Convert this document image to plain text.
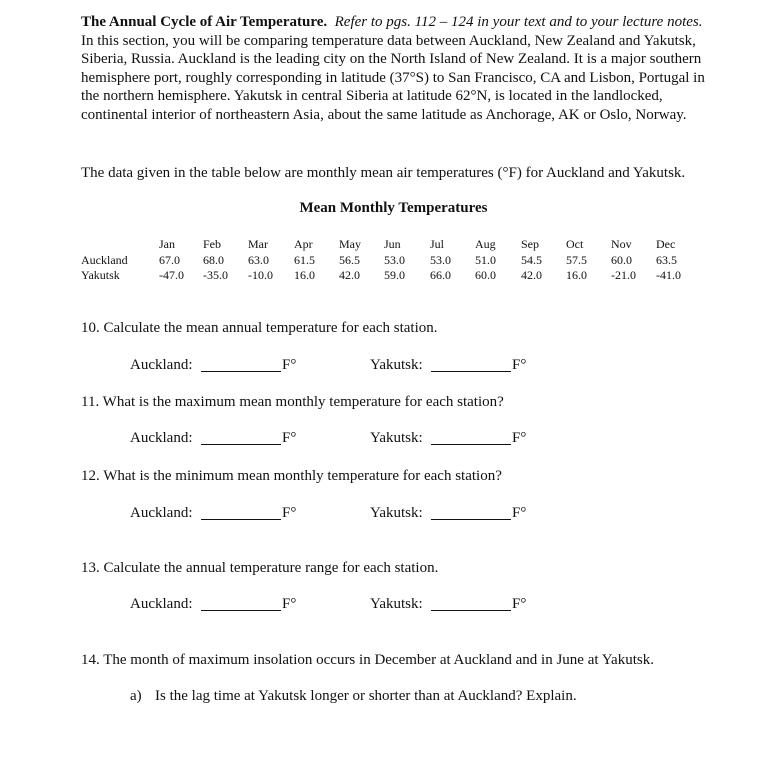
The Annual Cycle of Air Temperature. Refer to pgs. 112 – 124 in your text and to your lecture notes. In this section, you will be comparing temperature data between Auckland, New Zealand and Yakutsk, Siberia, Russia. Auckland is the leading city on the North Island of New Zealand. It is a major southern hemisphere port, roughly corresponding in latitude (37°S) to San Francisco, CA and Lisbon, Portugal in the northern hemisphere. Yakutsk in central Siberia at latitude 62°N, is located in the landlocked, continental interior of northeastern Asia, about the same latitude as Anchorage, AK or Oslo, Norway.

The data given in the table below are monthly mean air temperatures (°F) for Auckland and Yakutsk.

Mean Monthly Temperatures
Jan Feb Mar Apr May Jun Jul	Aug Sep Oct Nov Dec
Auckland	67.0 68.0 63.0 61.5 56.5 53.0 53.0 51.0 54.5 57.5 60.0 63.5
Yakutsk	-47.0 -35.0 -10.0 16.0 42.0 59.0 66.0 60.0 42.0 16.0 -21.0 -41.0
10. Calculate the mean annual temperature for each station.
Auckland:	F°	Yakutsk:	F°
11. What is the maximum mean monthly temperature for each station?
Auckland:	F°	Yakutsk:	F°
12. What is the minimum mean monthly temperature for each station?
Auckland:	F°	Yakutsk:	F°
13. Calculate the annual temperature range for each station.
Auckland:	F°	Yakutsk:	F°
14. The month of maximum insolation occurs in December at Auckland and in June at Yakutsk.
a) Is the lag time at Yakutsk longer or shorter than at Auckland? Explain.
